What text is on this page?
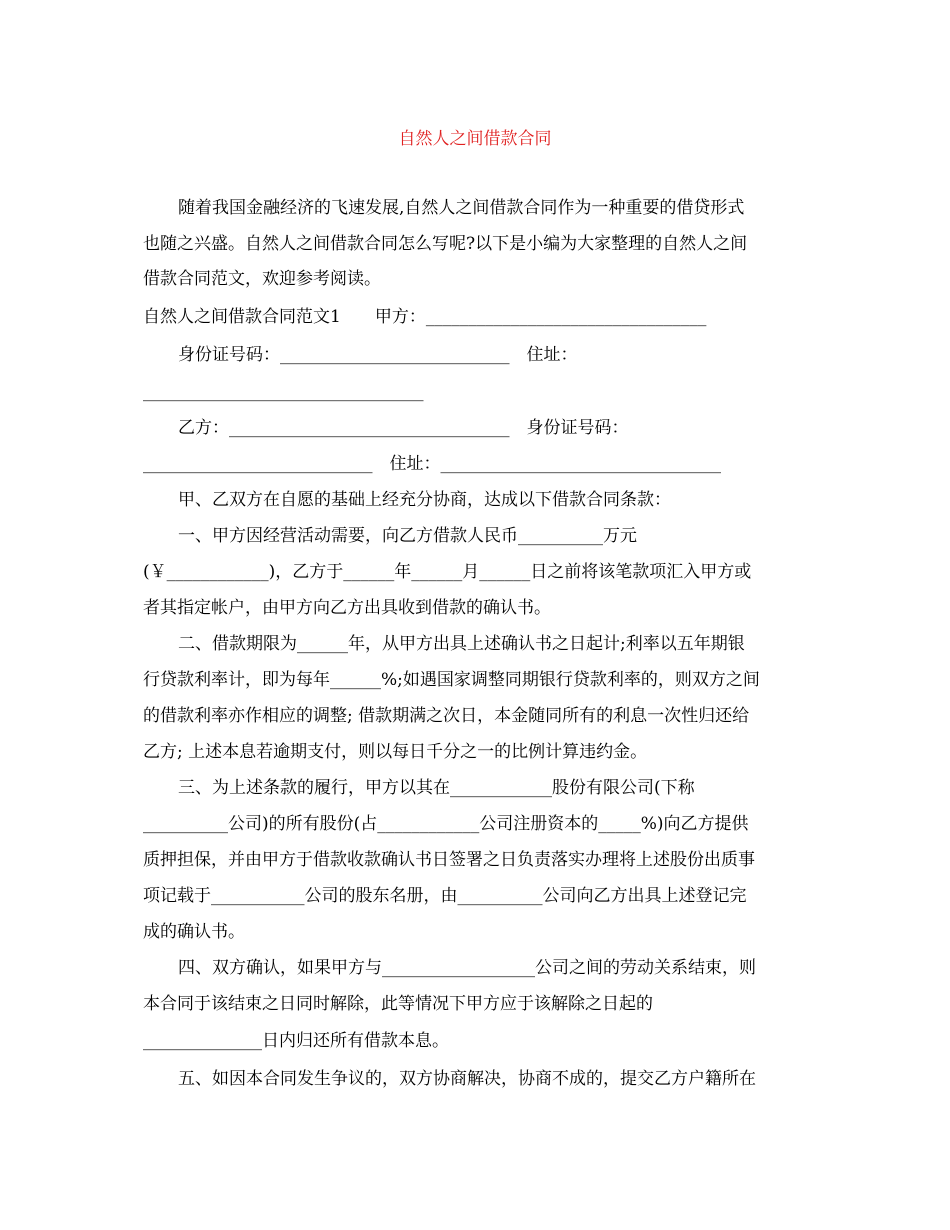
自然人之间借款合同
随着我国金融经济的飞速发展,自然人之间借款合同作为一种重要的借贷形式
也随之兴盛。自然人之间借款合同怎么写呢?以下是小编为大家整理的自然人之间
借款合同范文，欢迎参考阅读。
自然人之间借款合同范文1　　甲方：_________________________________
身份证号码：___________________________　住址：
_________________________________
乙方：_________________________________　身份证号码：
___________________________　住址：_________________________________
甲、乙双方在自愿的基础上经充分协商，达成以下借款合同条款：
一、甲方因经营活动需要，向乙方借款人民币__________万元
(￥____________)，乙方于______年______月______日之前将该笔款项汇入甲方或
者其指定帐户，由甲方向乙方出具收到借款的确认书。
二、借款期限为______年，从甲方出具上述确认书之日起计;利率以五年期银
行贷款利率计，即为每年______%;如遇国家调整同期银行贷款利率的，则双方之间
的借款利率亦作相应的调整; 借款期满之次日，本金随同所有的利息一次性归还给
乙方; 上述本息若逾期支付，则以每日千分之一的比例计算违约金。
三、为上述条款的履行，甲方以其在____________股份有限公司(下称
__________公司)的所有股份(占____________公司注册资本的_____%)向乙方提供
质押担保，并由甲方于借款收款确认书日签署之日负责落实办理将上述股份出质事
项记载于___________公司的股东名册，由__________公司向乙方出具上述登记完
成的确认书。
四、双方确认，如果甲方与__________________公司之间的劳动关系结束，则
本合同于该结束之日同时解除，此等情况下甲方应于该解除之日起的
______________日内归还所有借款本息。
五、如因本合同发生争议的，双方协商解决，协商不成的，提交乙方户籍所在
